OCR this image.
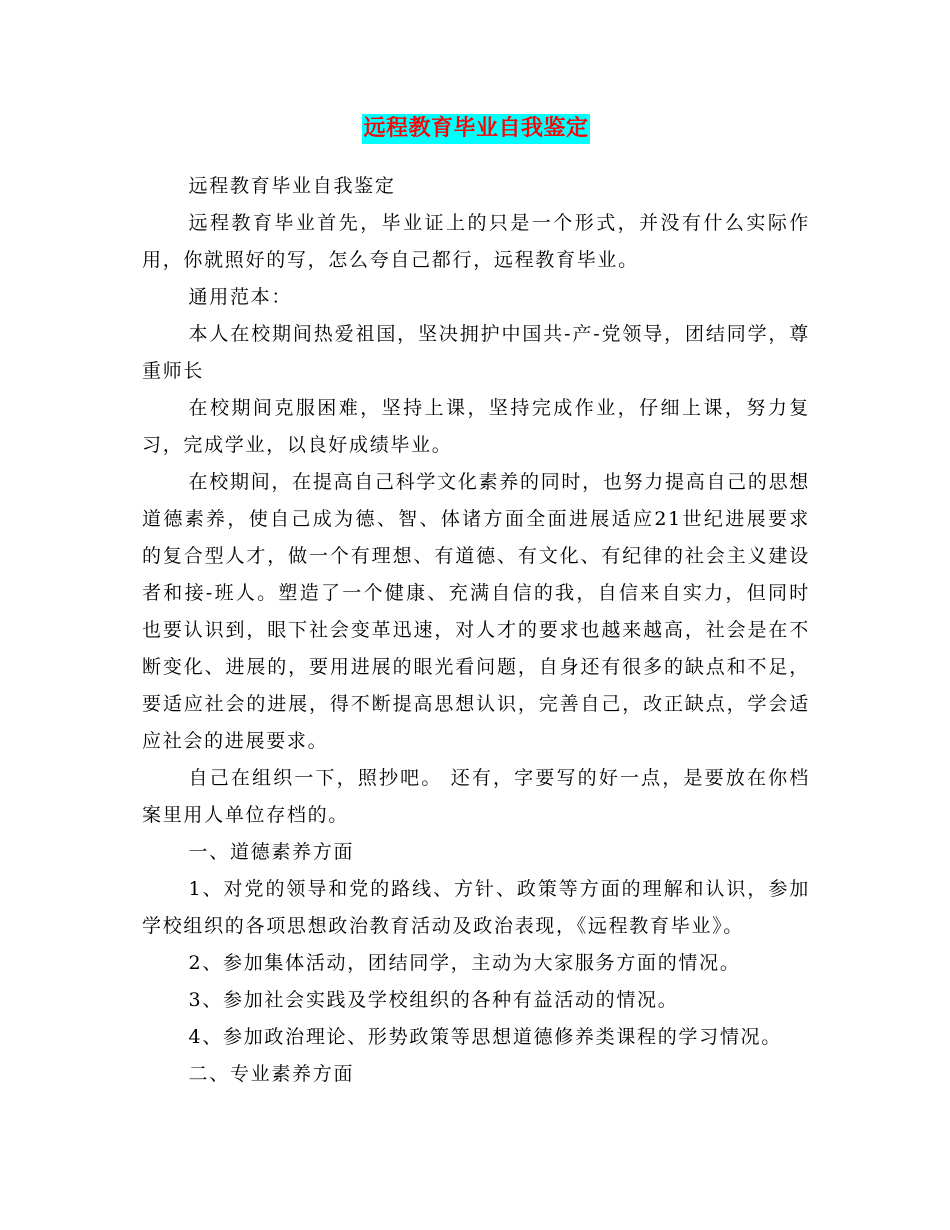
远程教育毕业自我鉴定

远程教育毕业自我鉴定

远程教育毕业首先，毕业证上的只是一个形式，并没有什么实际作用，你就照好的写，怎么夸自己都行，远程教育毕业。

通用范本：

本人在校期间热爱祖国，坚决拥护中国共-产-党领导，团结同学，尊重师长

在校期间克服困难，坚持上课，坚持完成作业，仔细上课，努力复习，完成学业，以良好成绩毕业。

在校期间，在提高自己科学文化素养的同时，也努力提高自己的思想道德素养，使自己成为德、智、体诸方面全面进展适应21世纪进展要求的复合型人才，做一个有理想、有道德、有文化、有纪律的社会主义建设者和接-班人。塑造了一个健康、充满自信的我，自信来自实力，但同时也要认识到，眼下社会变革迅速，对人才的要求也越来越高，社会是在不断变化、进展的，要用进展的眼光看问题，自身还有很多的缺点和不足，要适应社会的进展，得不断提高思想认识，完善自己，改正缺点，学会适应社会的进展要求。

自己在组织一下，照抄吧。 还有，字要写的好一点，是要放在你档案里用人单位存档的。

一、道德素养方面

1、对党的领导和党的路线、方针、政策等方面的理解和认识，参加学校组织的各项思想政治教育活动及政治表现，《远程教育毕业》。

2、参加集体活动，团结同学，主动为大家服务方面的情况。

3、参加社会实践及学校组织的各种有益活动的情况。

4、参加政治理论、形势政策等思想道德修养类课程的学习情况。

二、专业素养方面
